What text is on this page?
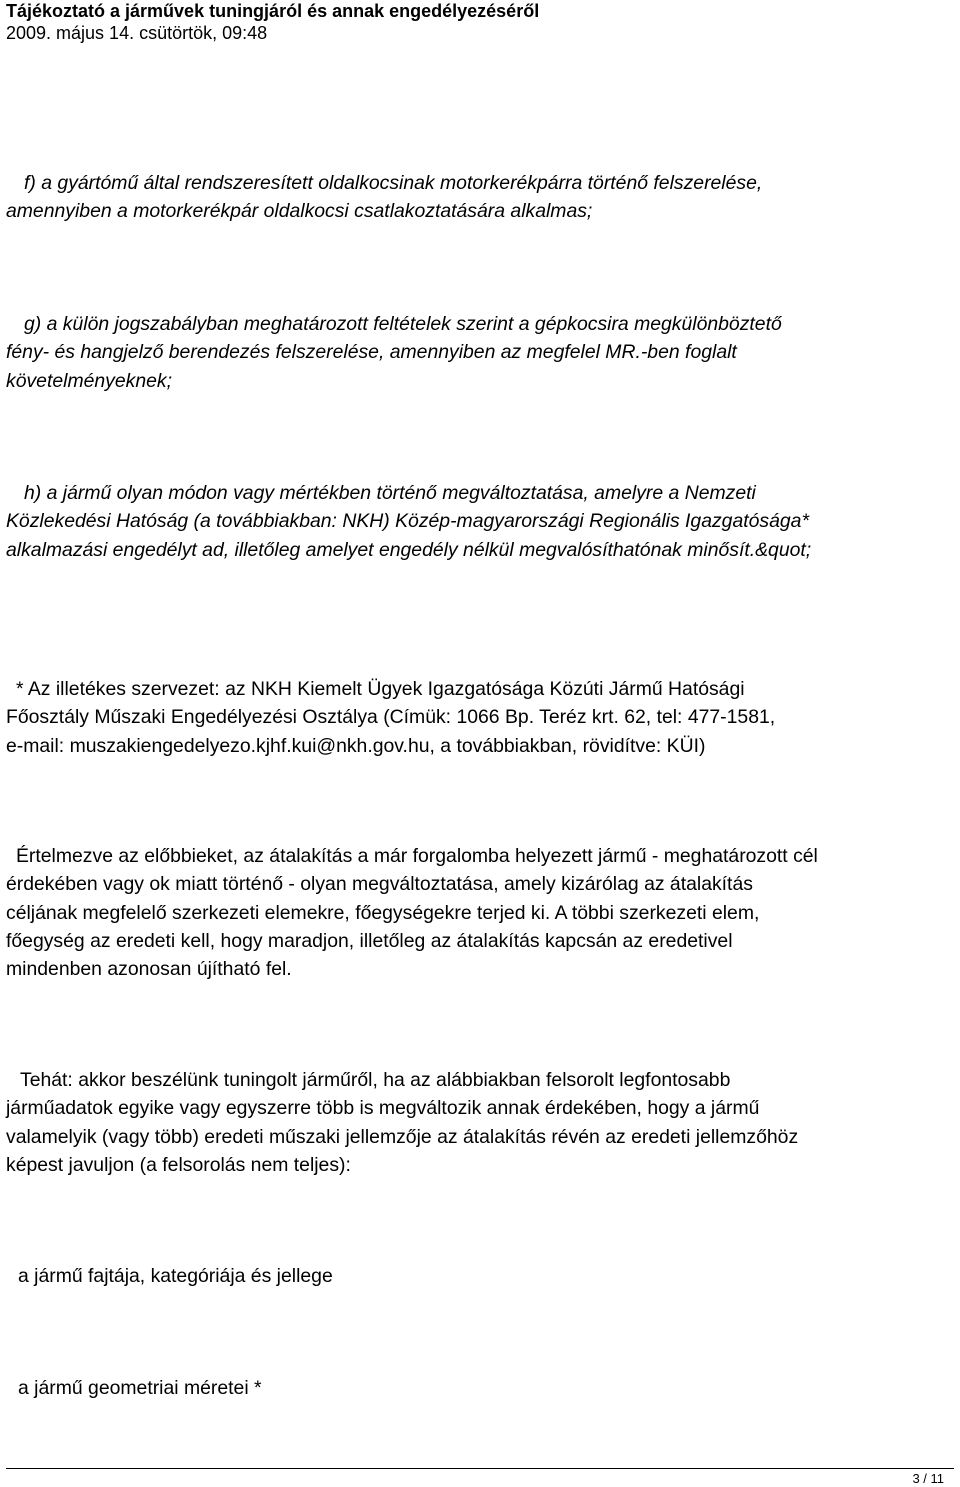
Tájékoztató a járművek tuningjáról és annak engedélyezéséről
2009. május 14. csütörtök, 09:48
f) a gyártómű által rendszeresített oldalkocsinak motorkerékpárra történő felszerelése,
amennyiben a motorkerékpár oldalkocsi csatlakoztatására alkalmas;
g) a külön jogszabályban meghatározott feltételek szerint a gépkocsira megkülönböztető
fény- és hangjelző berendezés felszerelése, amennyiben az megfelel MR.-ben foglalt
követelményeknek;
h) a jármű olyan módon vagy mértékben történő megváltoztatása, amelyre a Nemzeti
Közlekedési Hatóság (a továbbiakban: NKH) Közép-magyarországi Regionális Igazgatósága*
alkalmazási engedélyt ad, illetőleg amelyet engedély nélkül megvalósíthatónak minősít.&quot;
* Az illetékes szervezet: az NKH Kiemelt Ügyek Igazgatósága Közúti Jármű Hatósági
Főosztály Műszaki Engedélyezési Osztálya (Címük: 1066 Bp. Teréz krt. 62, tel: 477-1581,
e-mail: muszakiengedelyezo.kjhf.kui@nkh.gov.hu, a továbbiakban, rövidítve: KÜI)
Értelmezve az előbbieket, az átalakítás a már forgalomba helyezett jármű - meghatározott cél
érdekében vagy ok miatt történő - olyan megváltoztatása, amely kizárólag az átalakítás
céljának megfelelő szerkezeti elemekre, főegységekre terjed ki. A többi szerkezeti elem,
főegység az eredeti kell, hogy maradjon, illetőleg az átalakítás kapcsán az eredetivel
mindenben azonosan újítható fel.
Tehát: akkor beszélünk tuningolt járműről, ha az alábbiakban felsorolt legfontosabb
járműadatok egyike vagy egyszerre több is megváltozik annak érdekében, hogy a jármű
valamelyik (vagy több) eredeti műszaki jellemzője az átalakítás révén az eredeti jellemzőhöz
képest javuljon (a felsorolás nem teljes):
a jármű fajtája, kategóriája és jellege
a jármű geometriai méretei *
3 / 11
